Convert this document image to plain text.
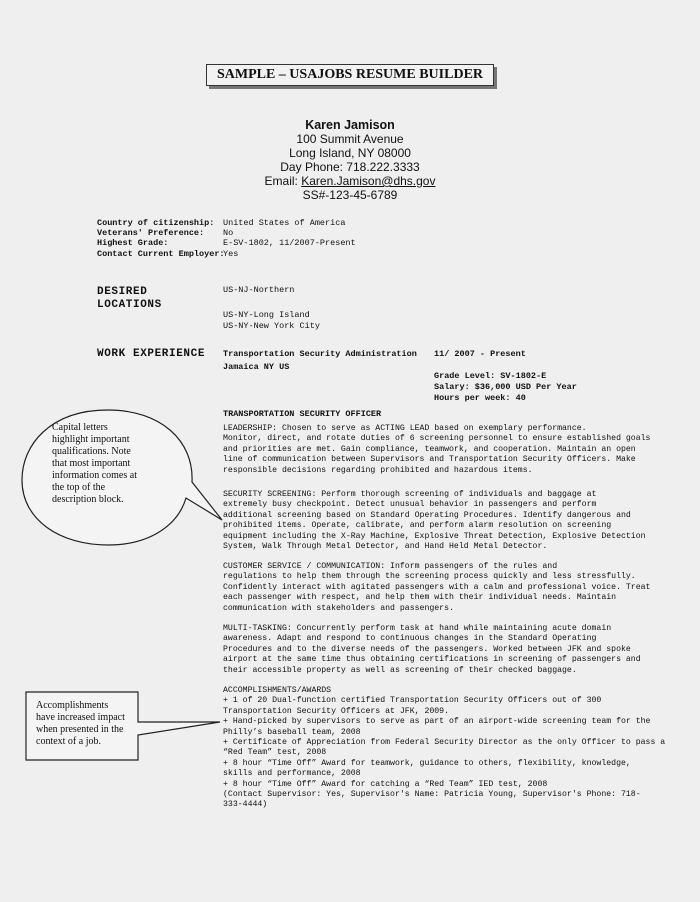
SAMPLE – USAJOBS RESUME BUILDER
Karen Jamison
100 Summit Avenue
Long Island, NY 08000
Day Phone: 718.222.3333
Email: Karen.Jamison@dhs.gov
SS#-123-45-6789
Country of citizenship: United States of America
Veterans' Preference: No
Highest Grade:	E-SV-1802, 11/2007-Present
Contact Current Employer:
Yes
DESIRED
LOCATIONS
US-NJ-Northern
US-NY-Long Island
US-NY-New York City
WORK EXPERIENCE Transportation Security Administration
Jamaica NY US
11/ 2007 - Present
Grade Level: SV-1802-E
Salary: $36,000 USD Per Year
Hours per week: 40
TRANSPORTATION SECURITY OFFICER
LEADERSHIP: Chosen to serve as ACTING LEAD based on exemplary performance.
Monitor, direct, and rotate duties of 6 screening personnel to ensure established goals
and priorities are met. Gain compliance, teamwork, and cooperation. Maintain an open
line of communication between Supervisors and Transportation Security Officers. Make
responsible decisions regarding prohibited and hazardous items.
SECURITY SCREENING: Perform thorough screening of individuals and baggage at
extremely busy checkpoint. Detect unusual behavior in passengers and perform
additional screening based on Standard Operating Procedures. Identify dangerous and
prohibited items. Operate, calibrate, and perform alarm resolution on screening
equipment including the X-Ray Machine, Explosive Threat Detection, Explosive Detection
System, Walk Through Metal Detector, and Hand Held Metal Detector.
CUSTOMER SERVICE / COMMUNICATION: Inform passengers of the rules and
regulations to help them through the screening process quickly and less stressfully.
Confidently interact with agitated passengers with a calm and professional voice. Treat
each passenger with respect, and help them with their individual needs. Maintain
communication with stakeholders and passengers.
MULTI-TASKING: Concurrently perform task at hand while maintaining acute domain
awareness. Adapt and respond to continuous changes in the Standard Operating
Procedures and to the diverse needs of the passengers. Worked between JFK and spoke
airport at the same time thus obtaining certifications in screening of passengers and
their accessible property as well as screening of their checked baggage.
ACCOMPLISHMENTS/AWARDS
+ 1 of 20 Dual-function certified Transportation Security Officers out of 300
Transportation Security Officers at JFK, 2009.
+ Hand-picked by supervisors to serve as part of an airport-wide screening team for the
Philly’s baseball team, 2008
+ Certificate of Appreciation from Federal Security Director as the only Officer to pass a
“Red Team” test, 2008
+ 8 hour “Time Off” Award for teamwork, guidance to others, flexibility, knowledge,
skills and performance, 2008
+ 8 hour “Time Off” Award for catching a “Red Team” IED test, 2008
(Contact Supervisor: Yes, Supervisor's Name: Patricia Young, Supervisor's Phone: 718-
333-4444)
Capital letters
highlight important
qualifications. Note
that most important
information comes at
the top of the
description block.
Accomplishments
have increased impact
when presented in the
context of a job.
